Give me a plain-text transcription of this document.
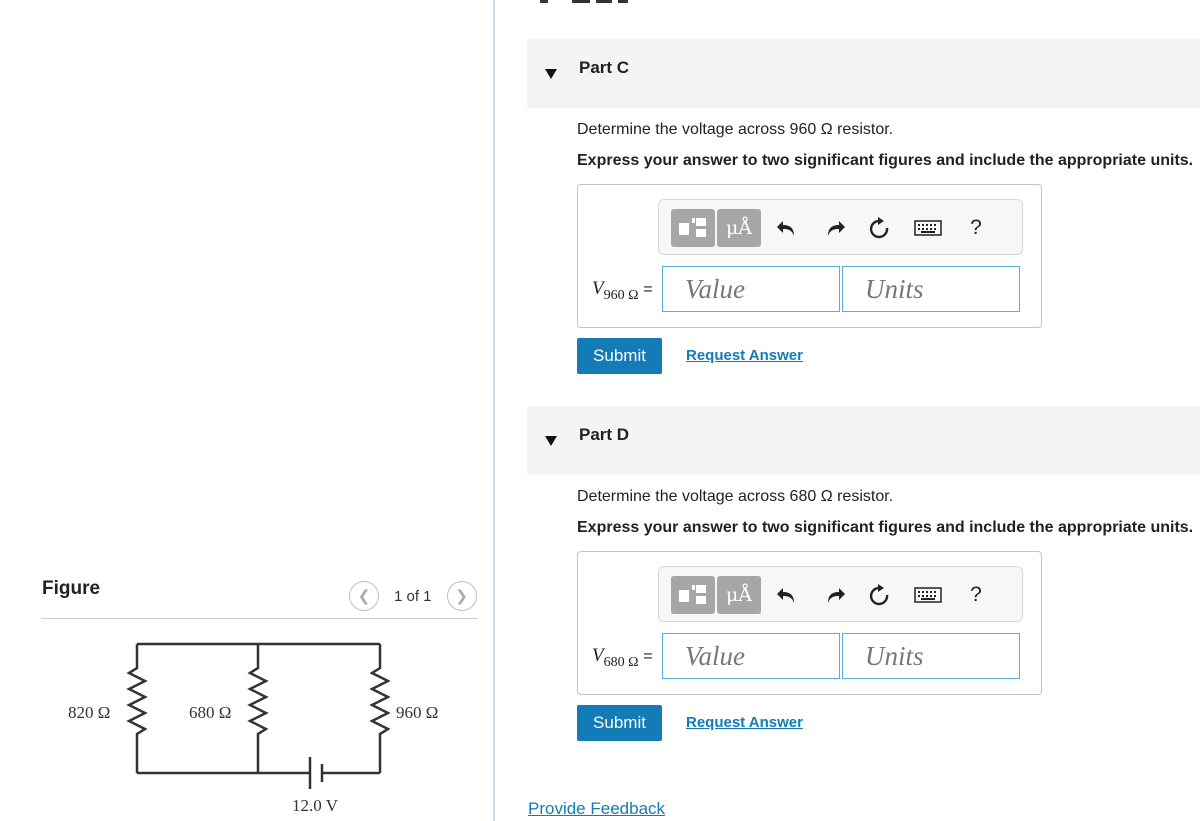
Figure	❮	1 of 1	❯
820 Ω	680 Ω	960 Ω
12.0 V
Part C
Determine the voltage across 960 Ω resistor.
Express your answer to two significant figures and include the appropriate units.
μÅ	?
$V_{960 \Omega}$ =
Value
Units
Submit	Request Answer
Part D
Determine the voltage across 680 Ω resistor.
Express your answer to two significant figures and include the appropriate units.
μÅ	?
$V_{680 \Omega}$ =
Value
Units
Submit	Request Answer
Provide Feedback
